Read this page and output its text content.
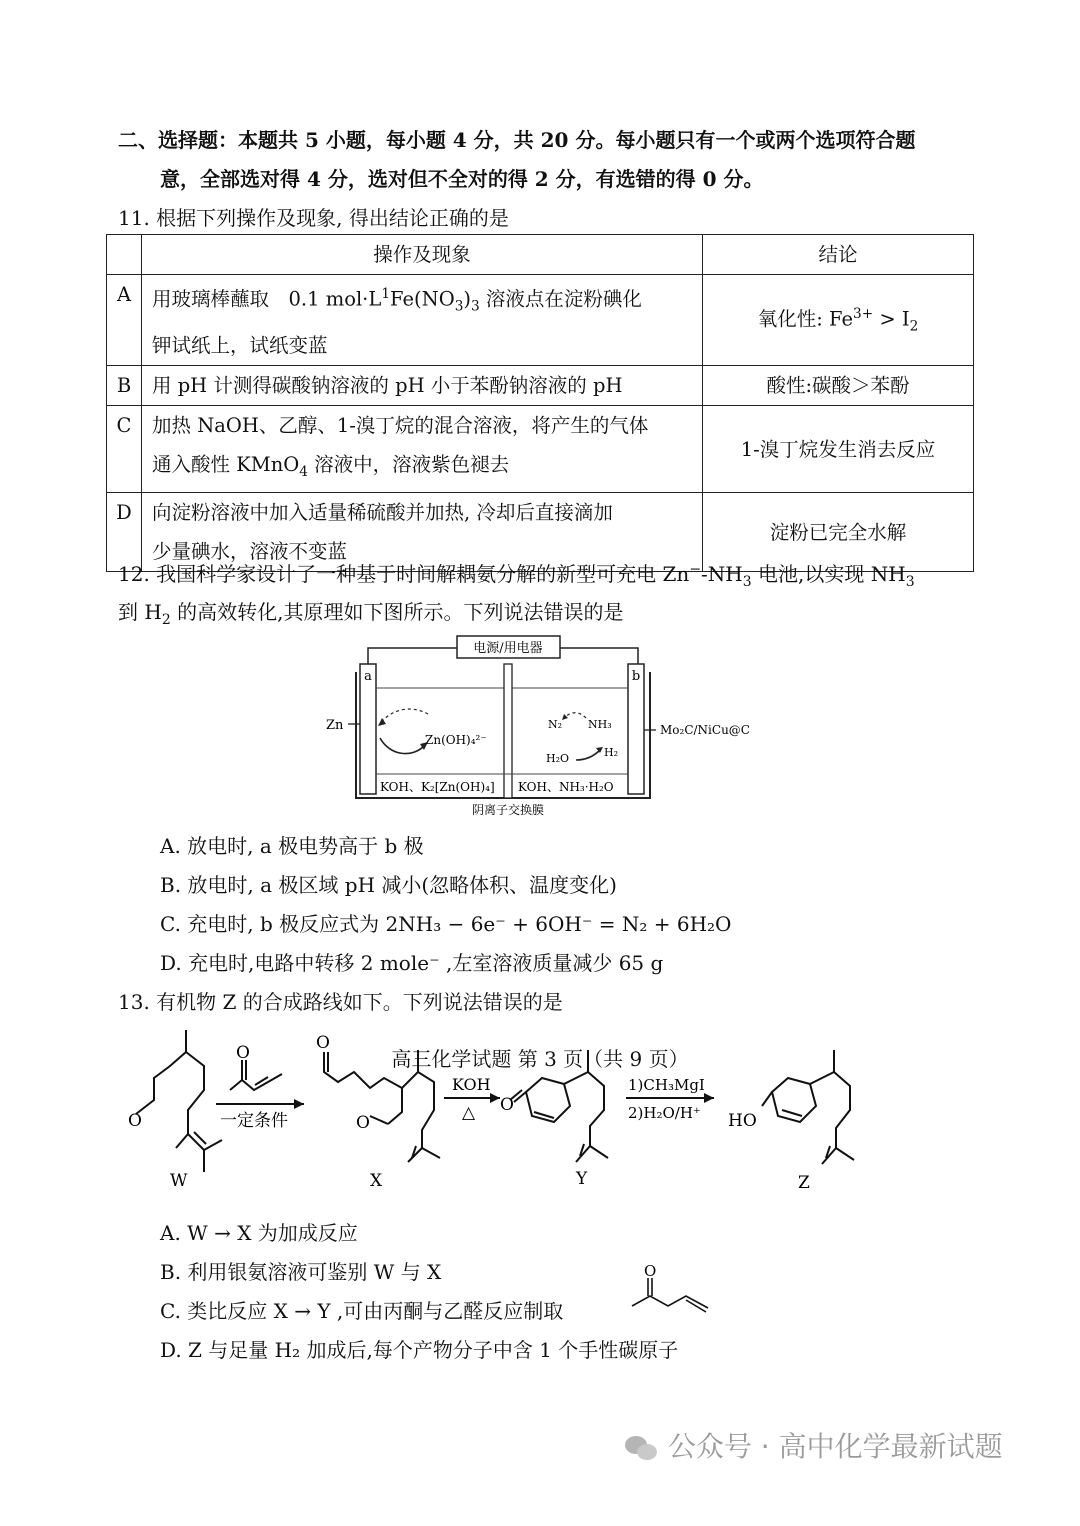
二、选择题：本题共 5 小题，每小题 4 分，共 20 分。每小题只有一个或两个选项符合题
意，全部选对得 4 分，选对但不全对的得 2 分，有选错的得 0 分。
11. 根据下列操作及现象, 得出结论正确的是
	操作及现象	结论
A	用玻璃棒蘸取　0.1 $mol\cdot L^1Fe(NO_3)_3$ 溶液点在淀粉碘化
钾试纸上，试纸变蓝	氧化性: $Fe^{3+} > I_2$
B	用 pH 计测得碳酸钠溶液的 pH 小于苯酚钠溶液的 pH	酸性:碳酸＞苯酚
C	加热 NaOH、乙醇、1-溴丁烷的混合溶液，将产生的气体
通入酸性 KMnO$_4$ 溶液中，溶液紫色褪去	1-溴丁烷发生消去反应
D	向淀粉溶液中加入适量稀硫酸并加热, 冷却后直接滴加
少量碘水，溶液不变蓝	淀粉已完全水解
12. 我国科学家设计了一种基于时间解耦氨分解的新型可充电 $Zn^--NH_3$ 电池,以实现 $NH_3$
到 $H_2$ 的高效转化,其原理如下图所示。下列说法错误的是
电源/用电器
a	b
Zn	Mo₂C/NiCu@C
Zn(OH)₄²⁻
N₂ NH₃
H₂O	H₂
KOH、K₂[Zn(OH)₄] KOH、NH₃·H₂O
阴离子交换膜
A. 放电时, a 极电势高于 b 极
B. 放电时, a 极区域 pH 减小(忽略体积、温度变化)
C. 充电时, b 极反应式为 2NH₃ − 6e⁻ + 6OH⁻ = N₂ + 6H₂O
D. 充电时,电路中转移 2 mole⁻ ,左室溶液质量减少 65 g
13. 有机物 Z 的合成路线如下。下列说法错误的是
O
O
O
O
O
一定条件
KOH
△
1)CH₃MgI
2)H₂O/H⁺ HO
W	X	Y	Z
A. W → X 为加成反应
B. 利用银氨溶液可鉴别 W 与 X
C. 类比反应 X → Y ,可由丙酮与乙醛反应制取
D. Z 与足量 H₂ 加成后,每个产物分子中含 1 个手性碳原子
O
高三化学试题 第 3 页（共 9 页）
公众号 · 高中化学最新试题
